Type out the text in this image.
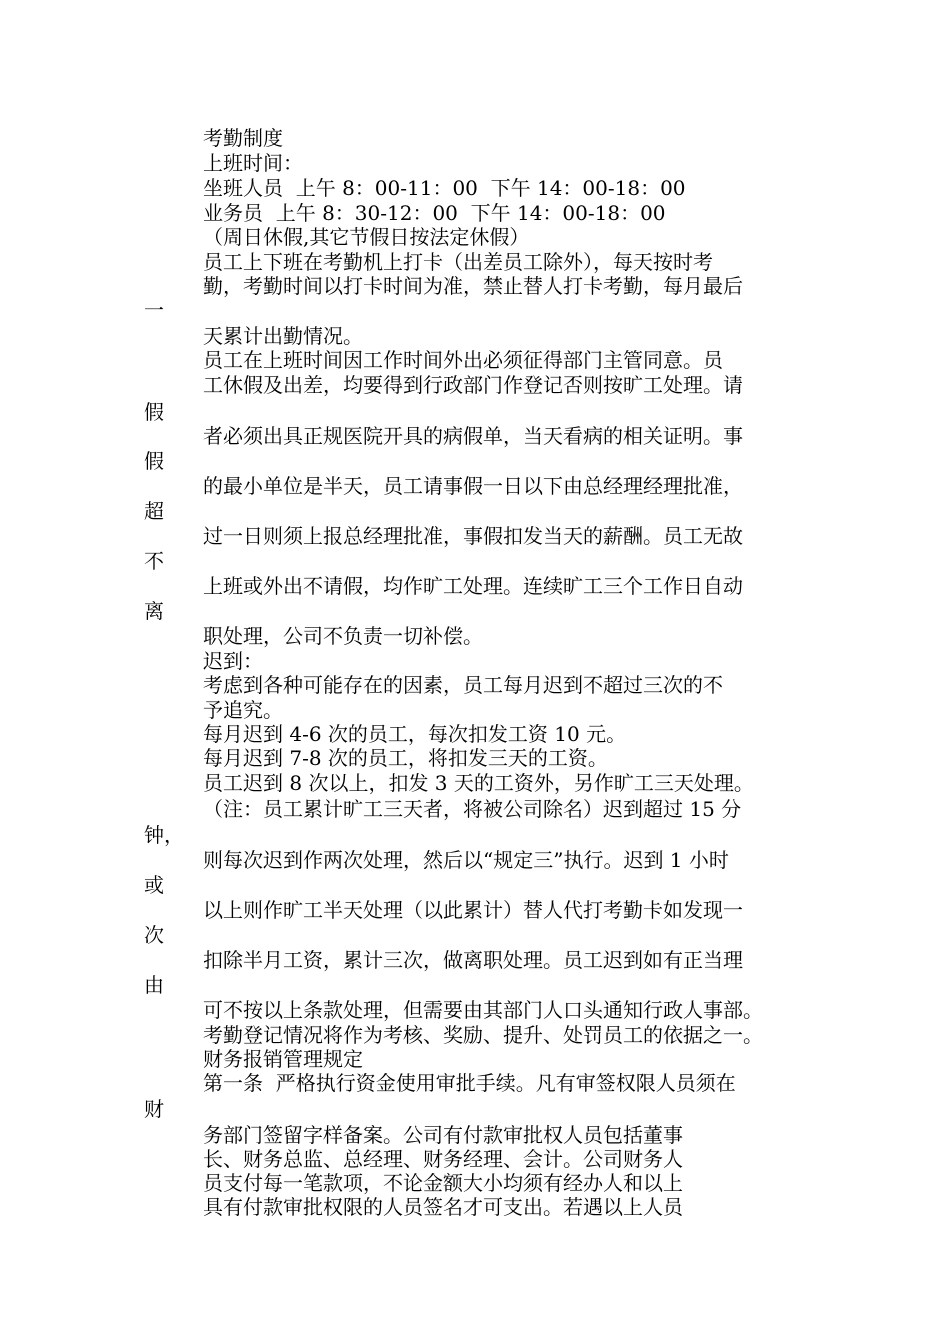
考勤制度

上班时间：

坐班人员  上午 8：00-11：00  下午 14：00-18：00

业务员  上午 8：30-12：00  下午 14：00-18：00

（周日休假,其它节假日按法定休假）

员工上下班在考勤机上打卡（出差员工除外），每天按时考

勤，考勤时间以打卡时间为准，禁止替人打卡考勤，每月最后

一

天累计出勤情况。

员工在上班时间因工作时间外出必须征得部门主管同意。员

工休假及出差，均要得到行政部门作登记否则按旷工处理。请

假

者必须出具正规医院开具的病假单，当天看病的相关证明。事

假

的最小单位是半天，员工请事假一日以下由总经理经理批准，

超

过一日则须上报总经理批准，事假扣发当天的薪酬。员工无故

不

上班或外出不请假，均作旷工处理。连续旷工三个工作日自动

离

职处理，公司不负责一切补偿。

迟到：

考虑到各种可能存在的因素，员工每月迟到不超过三次的不

予追究。

每月迟到 4-6 次的员工，每次扣发工资 10 元。

每月迟到 7-8 次的员工，将扣发三天的工资。

员工迟到 8 次以上，扣发 3 天的工资外，另作旷工三天处理。

（注：员工累计旷工三天者，将被公司除名）迟到超过 15 分

钟，

则每次迟到作两次处理，然后以“规定三”执行。迟到 1 小时

或

以上则作旷工半天处理（以此累计）替人代打考勤卡如发现一

次

扣除半月工资，累计三次，做离职处理。员工迟到如有正当理

由

可不按以上条款处理，但需要由其部门人口头通知行政人事部。

考勤登记情况将作为考核、奖励、提升、处罚员工的依据之一。

财务报销管理规定

第一条  严格执行资金使用审批手续。凡有审签权限人员须在

财

务部门签留字样备案。公司有付款审批权人员包括董事

长、财务总监、总经理、财务经理、会计。公司财务人

员支付每一笔款项，不论金额大小均须有经办人和以上

具有付款审批权限的人员签名才可支出。若遇以上人员
